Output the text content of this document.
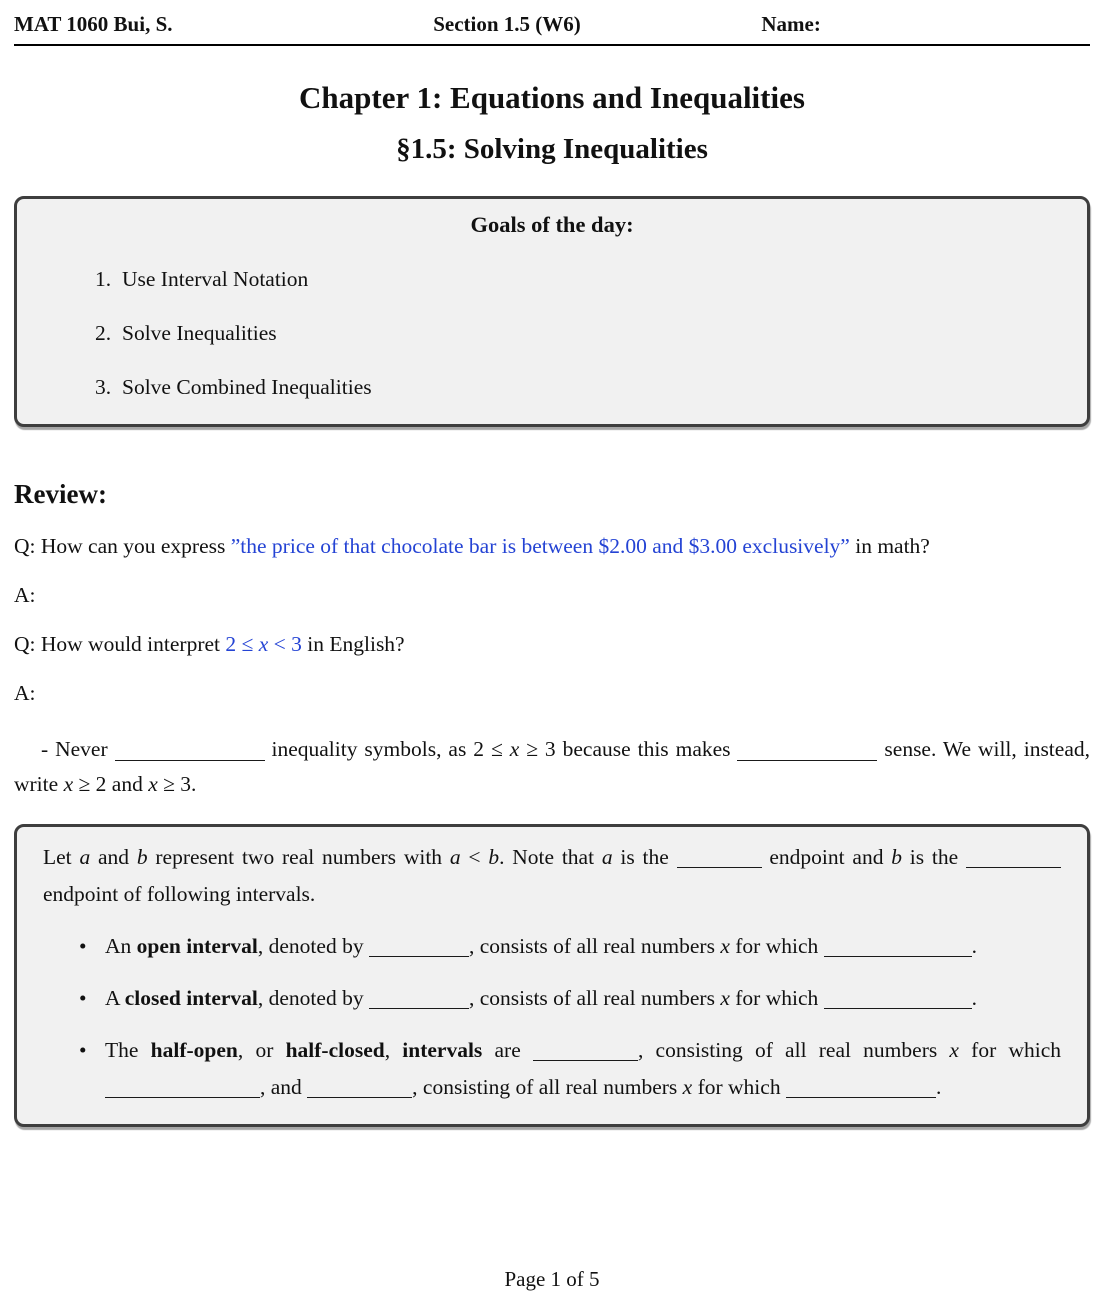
MAT 1060 Bui, S.	Section 1.5 (W6)	Name:
Chapter 1: Equations and Inequalities
§1.5: Solving Inequalities
Goals of the day:
1. Use Interval Notation
2. Solve Inequalities
3. Solve Combined Inequalities
Review:

Q: How can you express ”the price of that chocolate bar is between $2.00 and $3.00 exclusively” in math?

A:

Q: How would interpret 2 ≤ x < 3 in English?

A:

- Never	inequality symbols, as 2 ≤ x ≥ 3 because this makes	sense. We will, instead, write x ≥ 2 and x ≥ 3.

Let a and b represent two real numbers with a < b. Note that a is the	endpoint and b is the  endpoint of following intervals.
• An open interval, denoted by	, consists of all real numbers x for which	.
• A closed interval, denoted by	, consists of all real numbers x for which	.
• The half-open, or half-closed, intervals are	, consisting of all real numbers x for which , and	, consisting of all real numbers x for which	.
Page 1 of 5
